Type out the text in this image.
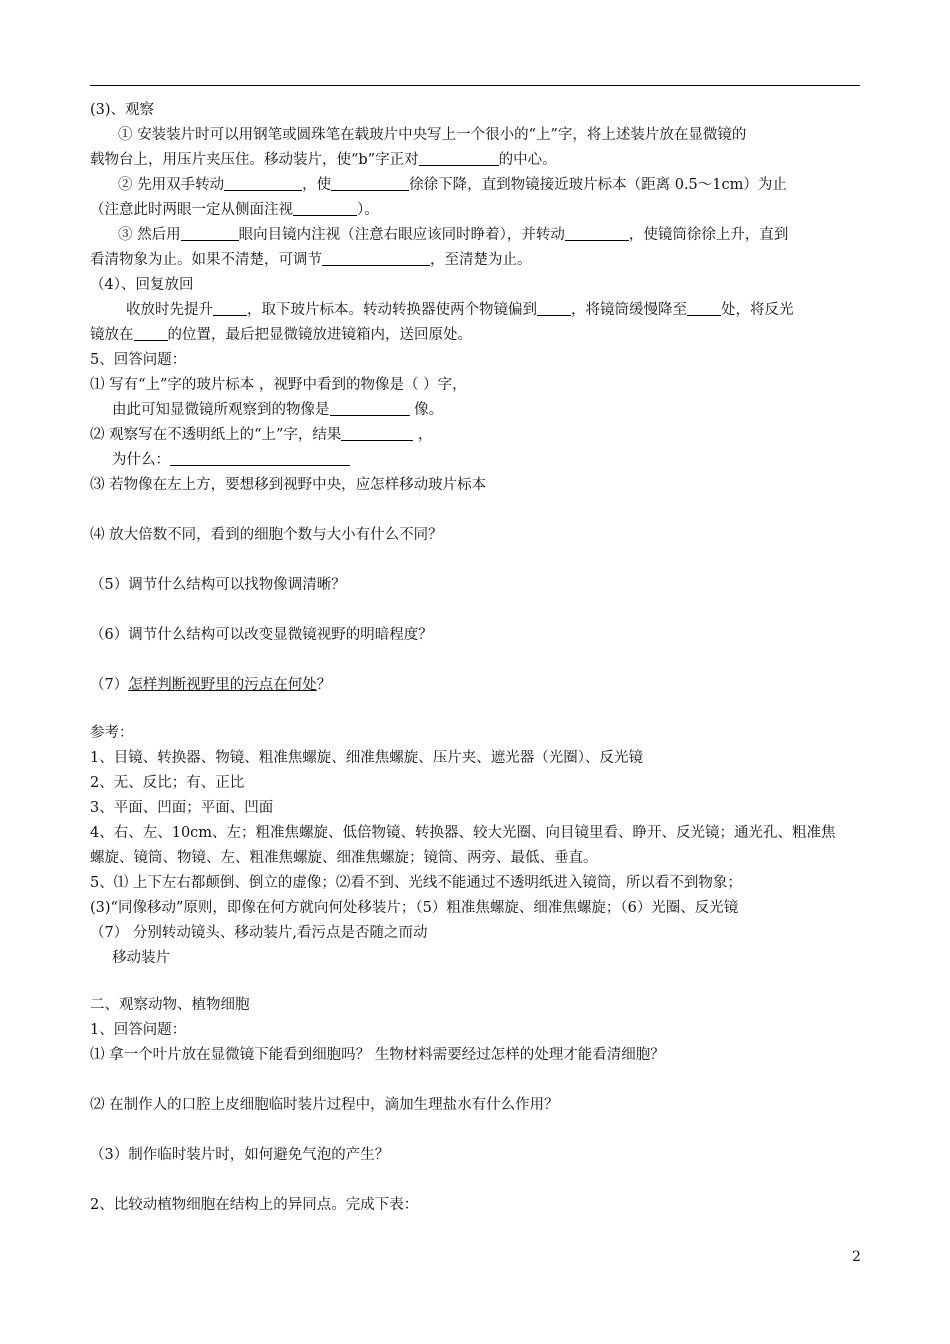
(3)、观察
① 安装装片时可以用钢笔或圆珠笔在载玻片中央写上一个很小的“上”字，将上述装片放在显微镜的
载物台上，用压片夹压住。移动装片，使“b”字正对	的中心。
② 先用双手转动	，使	徐徐下降，直到物镜接近玻片标本（距离 0.5～1cm）为止
（注意此时两眼一定从侧面注视	）。
③ 然后用	眼向目镜内注视（注意右眼应该同时睁着），并转动	，使镜筒徐徐上升，直到
看清物象为止。如果不清楚，可调节	，至清楚为止。
（4）、回复放回
收放时先提升 ，取下玻片标本。转动转换器使两个物镜偏到 ，将镜筒缓慢降至 处，将反光
镜放在 的位置，最后把显微镜放进镜箱内，送回原处。
5、回答问题：
⑴ 写有“上”字的玻片标本 ，视野中看到的物像是（ ）字，
由此可知显微镜所观察到的物像是	像。
⑵ 观察写在不透明纸上的“上”字，结果	，
为什么：
⑶ 若物像在左上方，要想移到视野中央，应怎样移动玻片标本
⑷ 放大倍数不同，看到的细胞个数与大小有什么不同？
（5）调节什么结构可以找物像调清晰？
（6）调节什么结构可以改变显微镜视野的明暗程度？
（7）怎样判断视野里的污点在何处？
参考：
1、目镜、转换器、物镜、粗准焦螺旋、细准焦螺旋、压片夹、遮光器（光圈）、反光镜
2、无、反比；有、正比
3、平面、凹面；平面、凹面
4、右、左、10cm、左；粗准焦螺旋、低倍物镜、转换器、较大光圈、向目镜里看、睁开、反光镜；通光孔、粗准焦
螺旋、镜筒、物镜、左、粗准焦螺旋、细准焦螺旋；镜筒、两旁、最低、垂直。
5、⑴ 上下左右都颠倒、倒立的虚像；⑵看不到、光线不能通过不透明纸进入镜筒，所以看不到物象；
(3)“同像移动”原则，即像在何方就向何处移装片；（5）粗准焦螺旋、细准焦螺旋；（6）光圈、反光镜
（7） 分别转动镜头、移动装片,看污点是否随之而动
移动装片
二、观察动物、植物细胞
1、回答问题：
⑴ 拿一个叶片放在显微镜下能看到细胞吗？ 生物材料需要经过怎样的处理才能看清细胞？
⑵ 在制作人的口腔上皮细胞临时装片过程中，滴加生理盐水有什么作用？
（3）制作临时装片时，如何避免气泡的产生？
2、比较动植物细胞在结构上的异同点。完成下表：
2
